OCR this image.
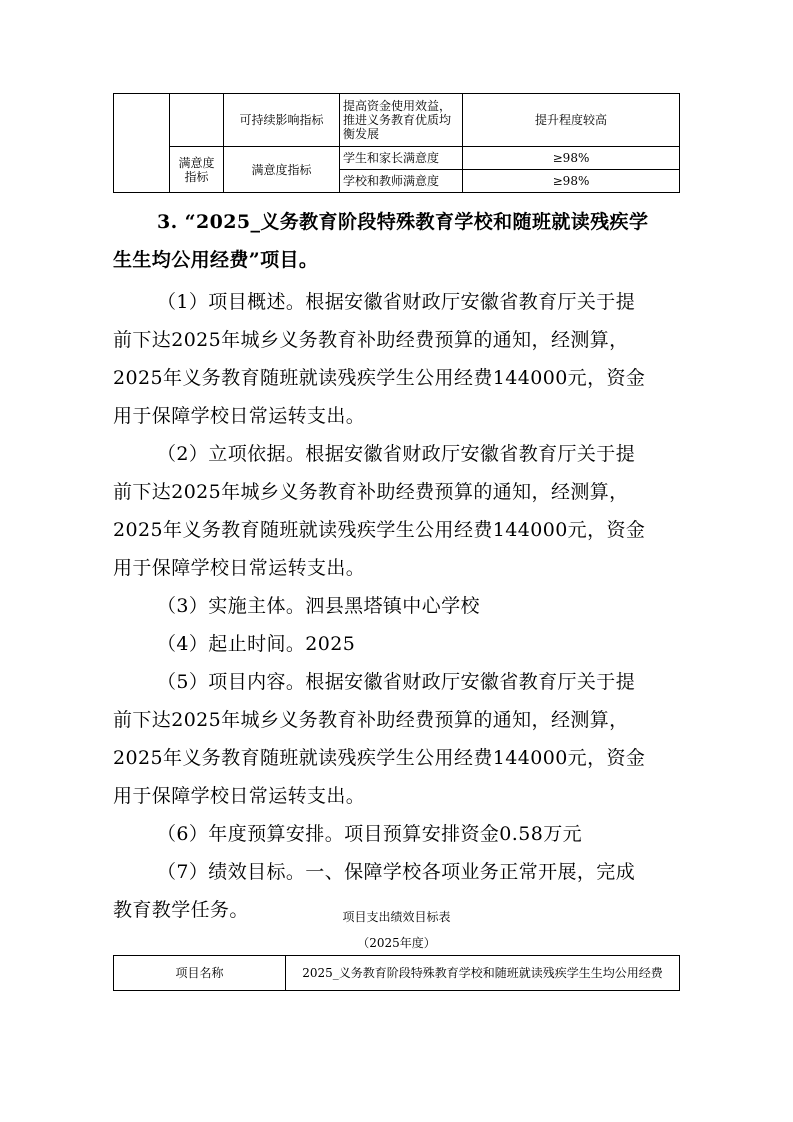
		可持续影响指标	提高资金使用效益，推进义务教育优质均衡发展	提升程度较高
	满意度指标	满意度指标	学生和家长满意度	≥98%
			学校和教师满意度	≥98%
3. “2025_义务教育阶段特殊教育学校和随班就读残疾学
生生均公用经费”项目。
（1）项目概述。根据安徽省财政厅安徽省教育厅关于提
前下达2025年城乡义务教育补助经费预算的通知，经测算，
2025年义务教育随班就读残疾学生公用经费144000元，资金
用于保障学校日常运转支出。
（2）立项依据。根据安徽省财政厅安徽省教育厅关于提
前下达2025年城乡义务教育补助经费预算的通知，经测算，
2025年义务教育随班就读残疾学生公用经费144000元，资金
用于保障学校日常运转支出。
（3）实施主体。泗县黑塔镇中心学校
（4）起止时间。2025
（5）项目内容。根据安徽省财政厅安徽省教育厅关于提
前下达2025年城乡义务教育补助经费预算的通知，经测算，
2025年义务教育随班就读残疾学生公用经费144000元，资金
用于保障学校日常运转支出。
（6）年度预算安排。项目预算安排资金0.58万元
（7）绩效目标。一、保障学校各项业务正常开展，完成
教育教学任务。	项目支出绩效目标表
（2025年度）
项目名称	2025_义务教育阶段特殊教育学校和随班就读残疾学生生均公用经费
